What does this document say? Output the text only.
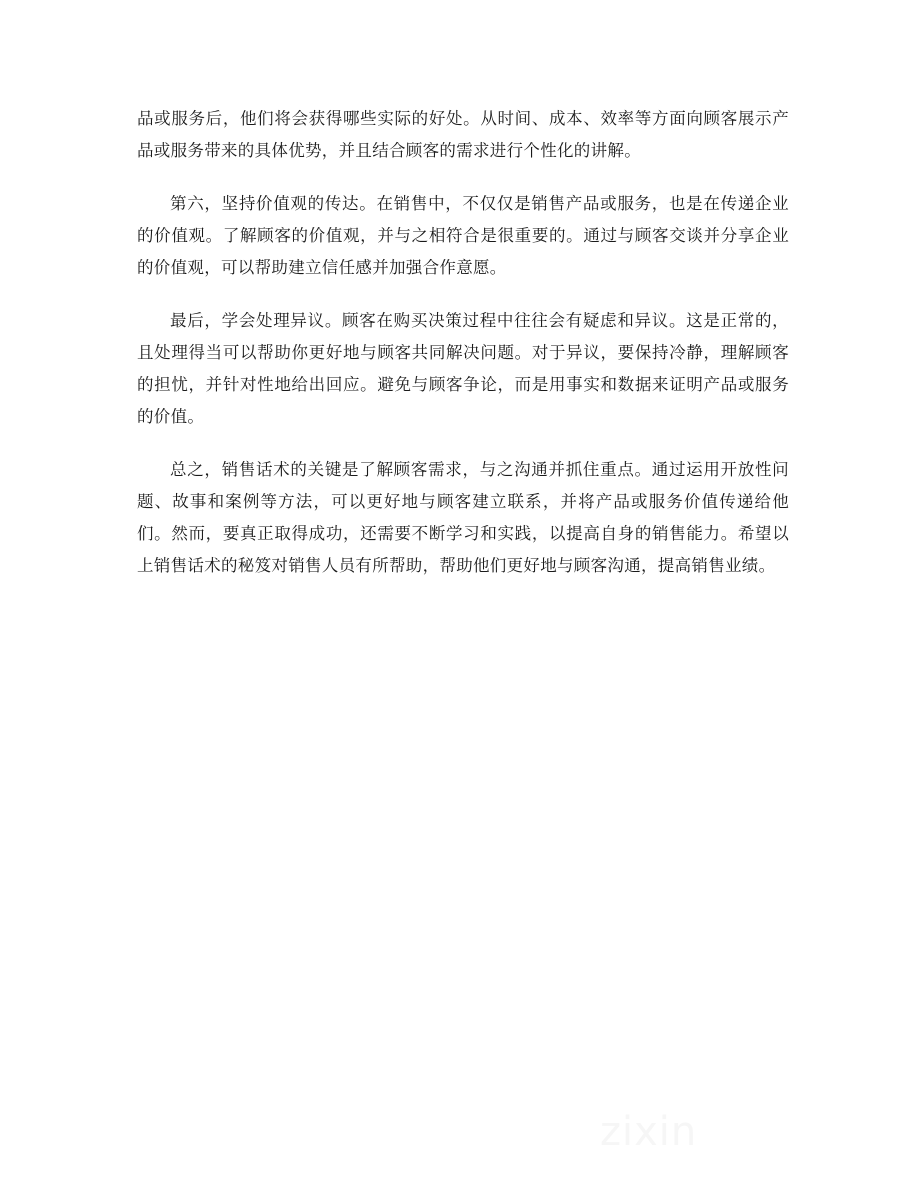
品或服务后，他们将会获得哪些实际的好处。从时间、成本、效率等方面向顾客展示产品或服务带来的具体优势，并且结合顾客的需求进行个性化的讲解。

第六，坚持价值观的传达。在销售中，不仅仅是销售产品或服务，也是在传递企业的价值观。了解顾客的价值观，并与之相符合是很重要的。通过与顾客交谈并分享企业的价值观，可以帮助建立信任感并加强合作意愿。

最后，学会处理异议。顾客在购买决策过程中往往会有疑虑和异议。这是正常的，且处理得当可以帮助你更好地与顾客共同解决问题。对于异议，要保持冷静，理解顾客的担忧，并针对性地给出回应。避免与顾客争论，而是用事实和数据来证明产品或服务的价值。

总之，销售话术的关键是了解顾客需求，与之沟通并抓住重点。通过运用开放性问题、故事和案例等方法，可以更好地与顾客建立联系，并将产品或服务价值传递给他们。然而，要真正取得成功，还需要不断学习和实践，以提高自身的销售能力。希望以上销售话术的秘笈对销售人员有所帮助，帮助他们更好地与顾客沟通，提高销售业绩。

zixin
